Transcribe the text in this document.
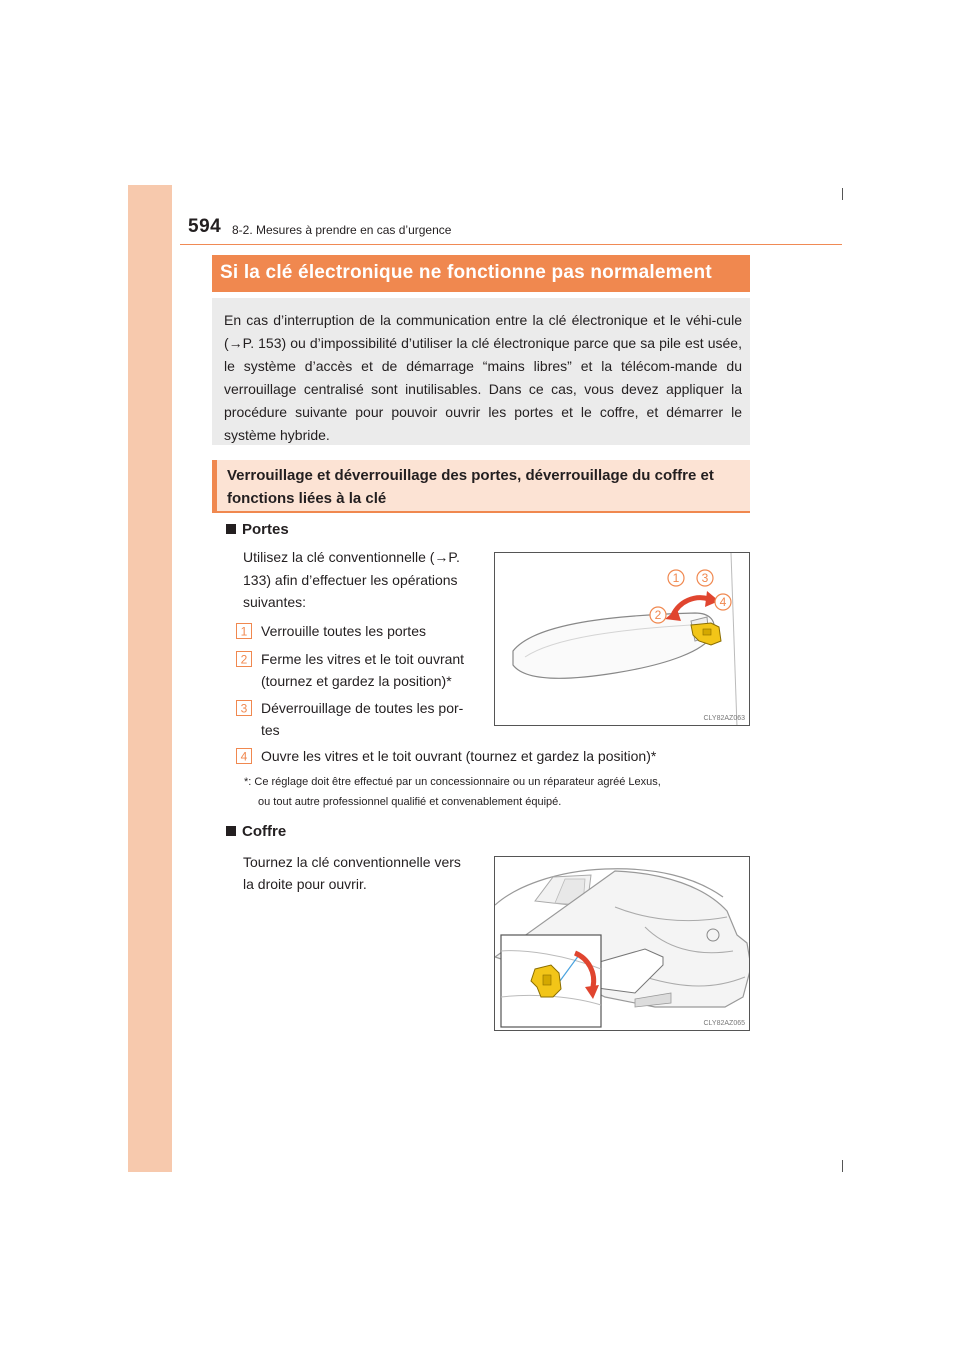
594 8-2. Mesures à prendre en cas d’urgence
Si la clé électronique ne fonctionne pas normalement
En cas d’interruption de la communication entre la clé électronique et le véhi-cule (→P. 153) ou d’impossibilité d’utiliser la clé électronique parce que sa pile est usée, le système d’accès et de démarrage “mains libres” et la télécom-mande du verrouillage centralisé sont inutilisables. Dans ce cas, vous devez appliquer la procédure suivante pour pouvoir ouvrir les portes et le coffre, et démarrer le système hybride.
Verrouillage et déverrouillage des portes, déverrouillage du coffre et
fonctions liées à la clé
Portes
Utilisez la clé conventionnelle (→P.
133) afin d’effectuer les opérations
suivantes:
1 Verrouille toutes les portes
2 Ferme les vitres et le toit ouvrant
(tournez et gardez la position)*
3 Déverrouillage de toutes les por-
tes
4 Ouvre les vitres et le toit ouvrant (tournez et gardez la position)*
*: Ce réglage doit être effectué par un concessionnaire ou un réparateur agréé Lexus,
ou tout autre professionnel qualifié et convenablement équipé.
1 3
2
4
CLY82AZ063
Coffre
Tournez la clé conventionnelle vers
la droite pour ouvrir.
CLY82AZ065
